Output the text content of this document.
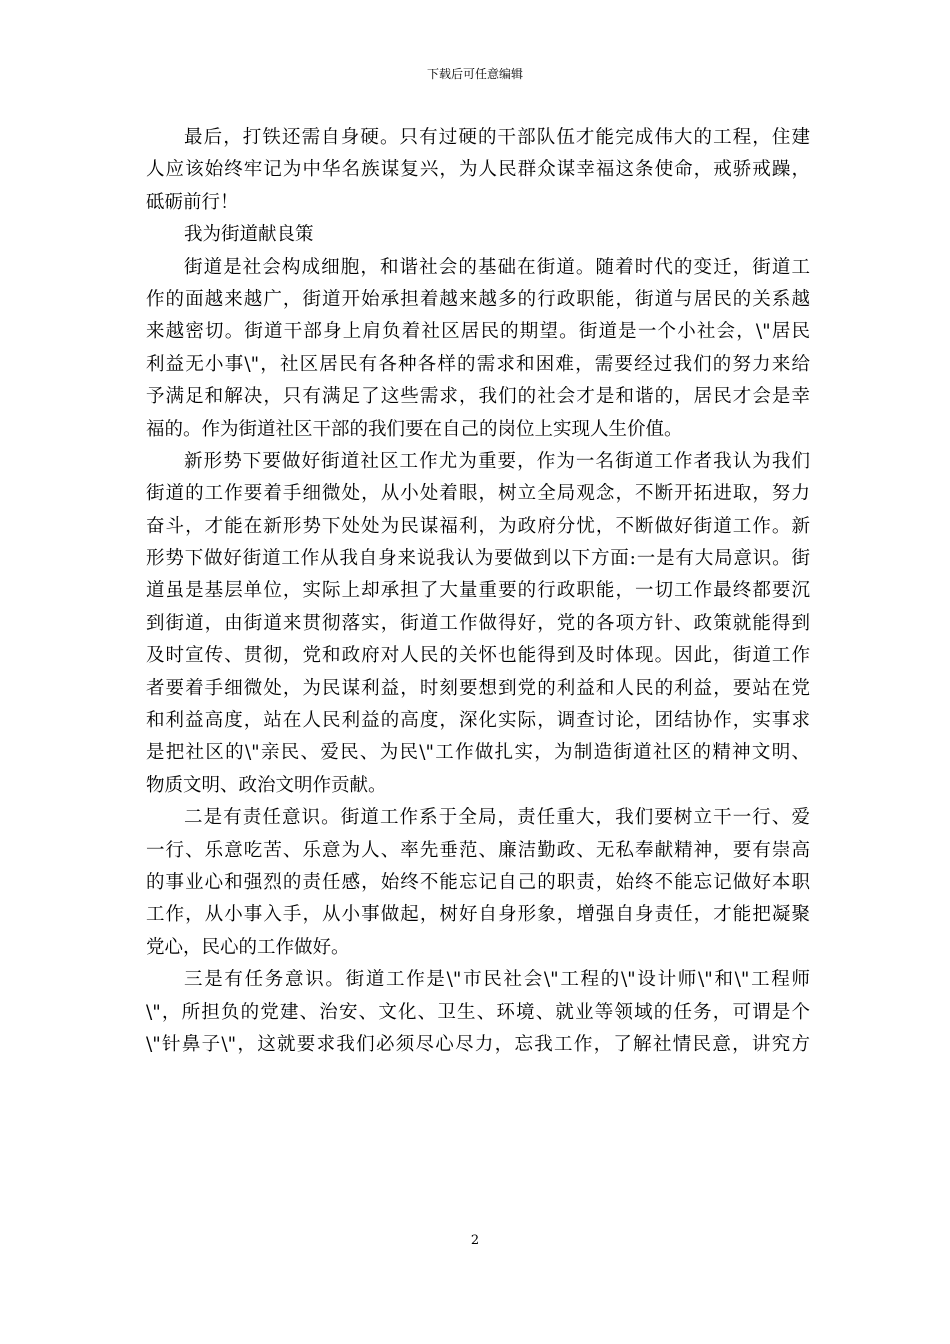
下载后可任意编辑
最后，打铁还需自身硬。只有过硬的干部队伍才能完成伟大的工程，住建
人应该始终牢记为中华名族谋复兴，为人民群众谋幸福这条使命，戒骄戒躁，
砥砺前行！
我为街道献良策
街道是社会构成细胞，和谐社会的基础在街道。随着时代的变迁，街道工
作的面越来越广，街道开始承担着越来越多的行政职能，街道与居民的关系越
来越密切。街道干部身上肩负着社区居民的期望。街道是一个小社会，\"居民
利益无小事\"，社区居民有各种各样的需求和困难，需要经过我们的努力来给
予满足和解决，只有满足了这些需求，我们的社会才是和谐的，居民才会是幸
福的。作为街道社区干部的我们要在自己的岗位上实现人生价值。
新形势下要做好街道社区工作尤为重要，作为一名街道工作者我认为我们
街道的工作要着手细微处，从小处着眼，树立全局观念，不断开拓进取，努力
奋斗，才能在新形势下处处为民谋福利，为政府分忧，不断做好街道工作。新
形势下做好街道工作从我自身来说我认为要做到以下方面:一是有大局意识。街
道虽是基层单位，实际上却承担了大量重要的行政职能，一切工作最终都要沉
到街道，由街道来贯彻落实，街道工作做得好，党的各项方针、政策就能得到
及时宣传、贯彻，党和政府对人民的关怀也能得到及时体现。因此，街道工作
者要着手细微处，为民谋利益，时刻要想到党的利益和人民的利益，要站在党
和利益高度，站在人民利益的高度，深化实际，调查讨论，团结协作，实事求
是把社区的\"亲民、爱民、为民\"工作做扎实，为制造街道社区的精神文明、
物质文明、政治文明作贡献。
二是有责任意识。街道工作系于全局，责任重大，我们要树立干一行、爱
一行、乐意吃苦、乐意为人、率先垂范、廉洁勤政、无私奉献精神，要有崇高
的事业心和强烈的责任感，始终不能忘记自己的职责，始终不能忘记做好本职
工作，从小事入手，从小事做起，树好自身形象，增强自身责任，才能把凝聚
党心，民心的工作做好。
三是有任务意识。街道工作是\"市民社会\"工程的\"设计师\"和\"工程师
\"，所担负的党建、治安、文化、卫生、环境、就业等领域的任务，可谓是个
\"针鼻子\"，这就要求我们必须尽心尽力，忘我工作，了解社情民意，讲究方
2
